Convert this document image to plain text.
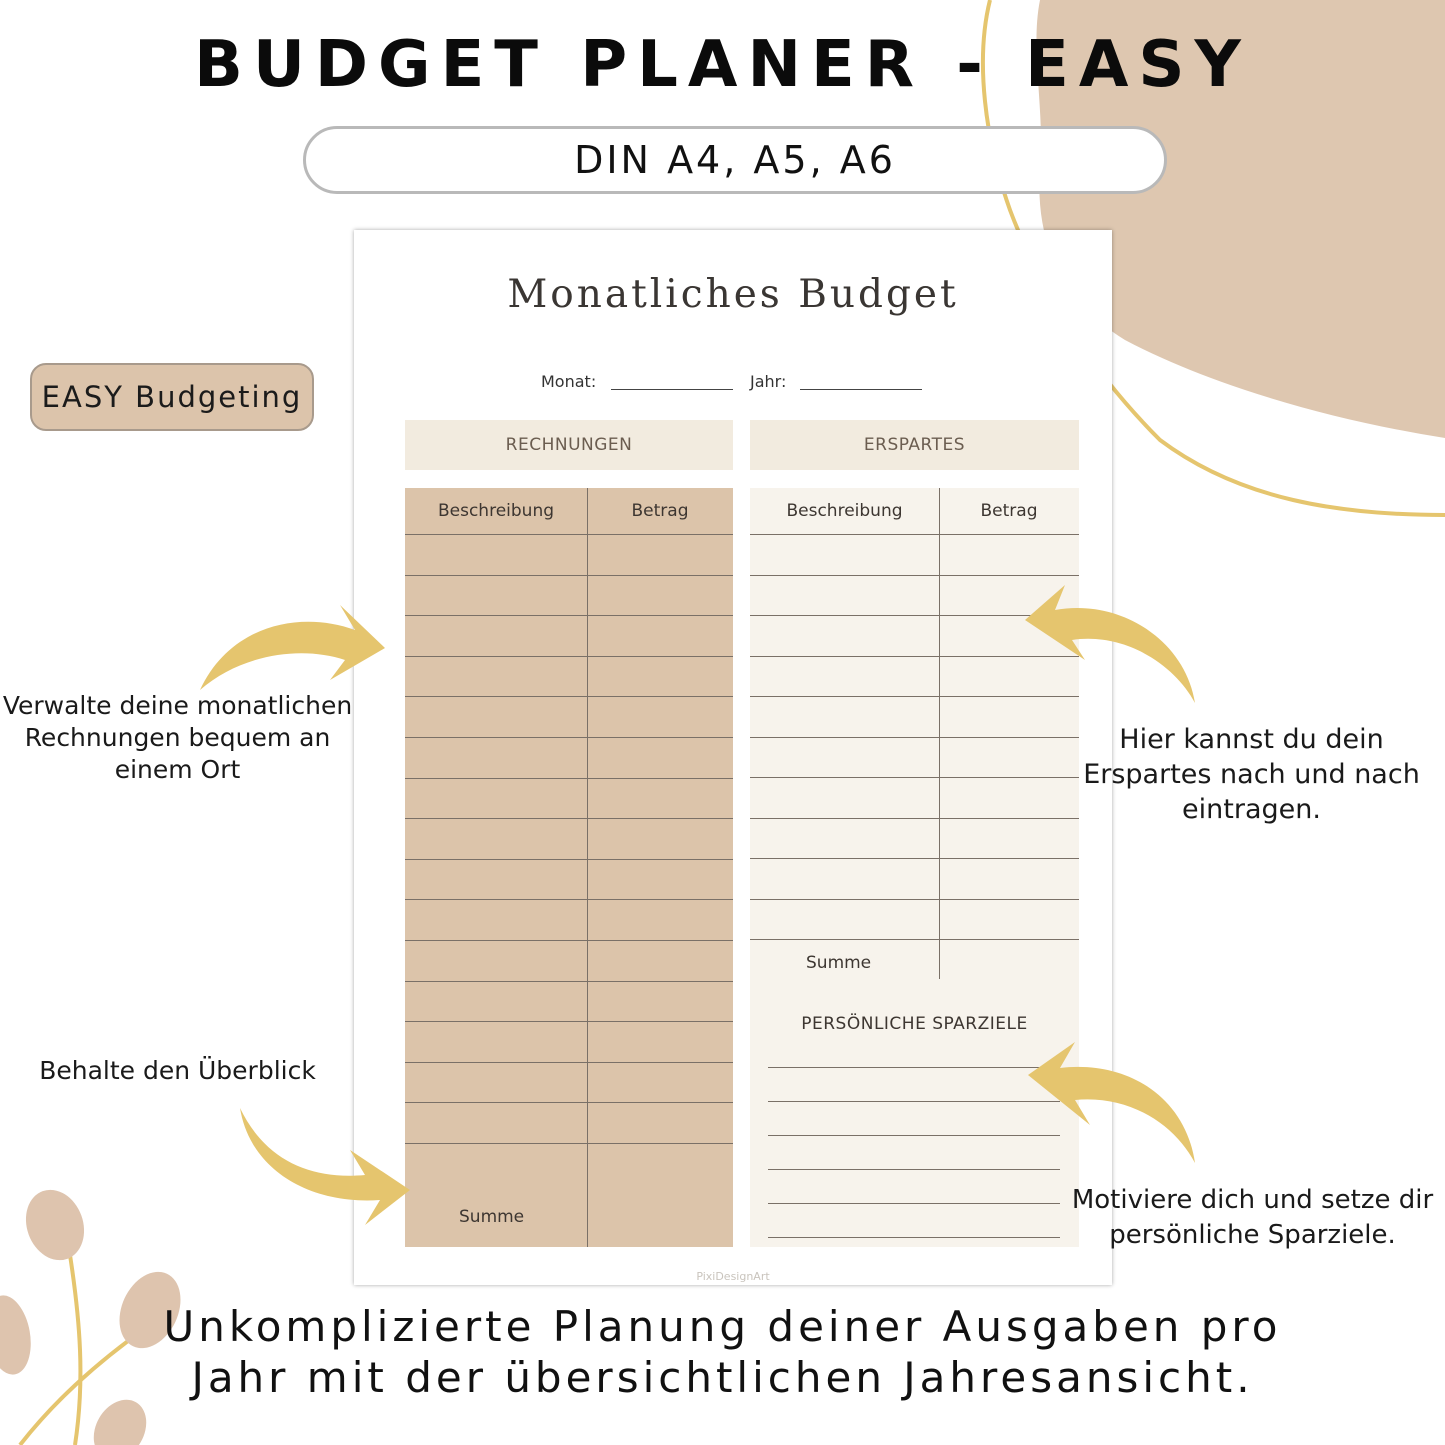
BUDGET PLANER - EASY
DIN A4, A5, A6
EASY Budgeting
Monatliches Budget
Monat:	Jahr:
RECHNUNGEN	ERSPARTES
Beschreibung	Betrag
Summe
Beschreibung	Betrag
Summe
PERSÖNLICHE SPARZIELE
PixiDesignArt
Verwalte deine monatlichen
Rechnungen bequem an
einem Ort
Behalte den Überblick
Hier kannst du dein
Erspartes nach und nach
eintragen.
Motiviere dich und setze dir
persönliche Sparziele.
Unkomplizierte Planung deiner Ausgaben pro
Jahr mit der übersichtlichen Jahresansicht.
